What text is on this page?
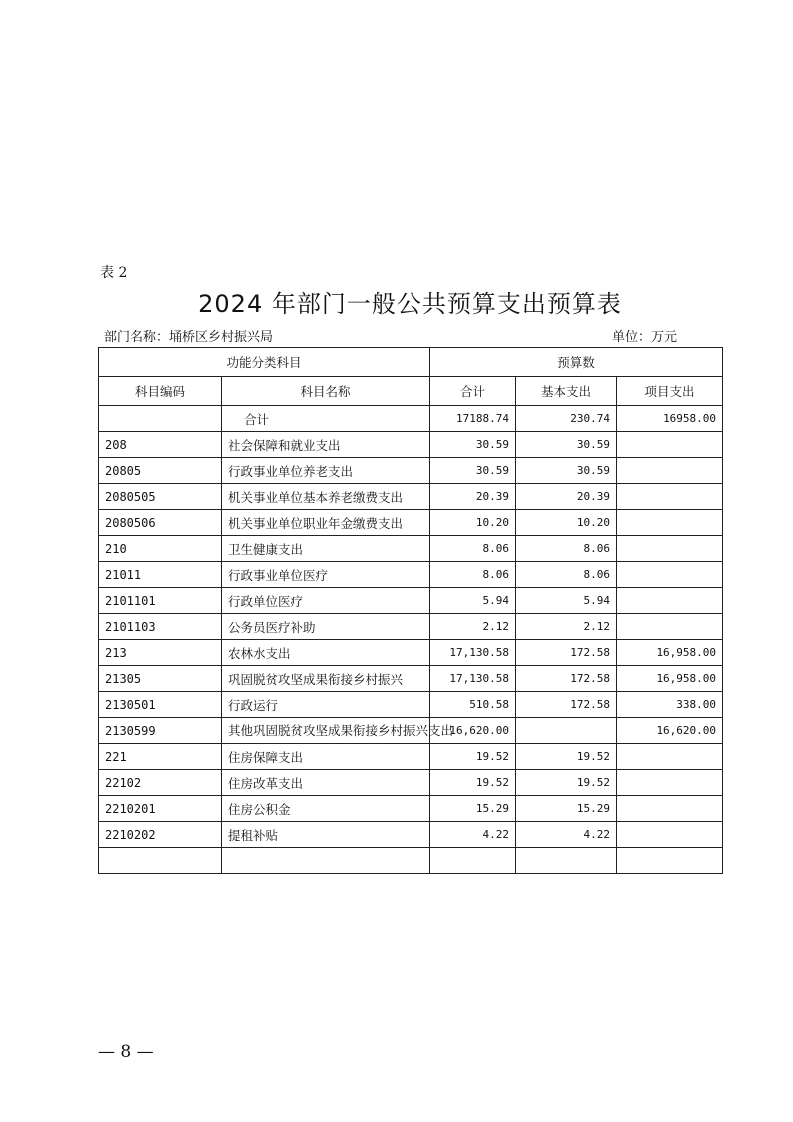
表 2
2024 年部门一般公共预算支出预算表
部门名称：埇桥区乡村振兴局	单位：万元
功能分类科目		预算数		
科目编码	科目名称	合计	基本支出	项目支出
	合计	17188.74	230.74	16958.00
208	社会保障和就业支出	30.59	30.59	
20805	行政事业单位养老支出	30.59	30.59	
2080505	机关事业单位基本养老缴费支出	20.39	20.39	
2080506	机关事业单位职业年金缴费支出	10.20	10.20	
210	卫生健康支出	8.06	8.06	
21011	行政事业单位医疗	8.06	8.06	
2101101	行政单位医疗	5.94	5.94	
2101103	公务员医疗补助	2.12	2.12	
213	农林水支出	17,130.58	172.58	16,958.00
21305	巩固脱贫攻坚成果衔接乡村振兴	17,130.58	172.58	16,958.00
2130501	行政运行	510.58	172.58	338.00
2130599	其他巩固脱贫攻坚成果衔接乡村振兴支出	16,620.00		16,620.00
221	住房保障支出	19.52	19.52	
22102	住房改革支出	19.52	19.52	
2210201	住房公积金	15.29	15.29	
2210202	提租补贴	4.22	4.22	

— 8 —
